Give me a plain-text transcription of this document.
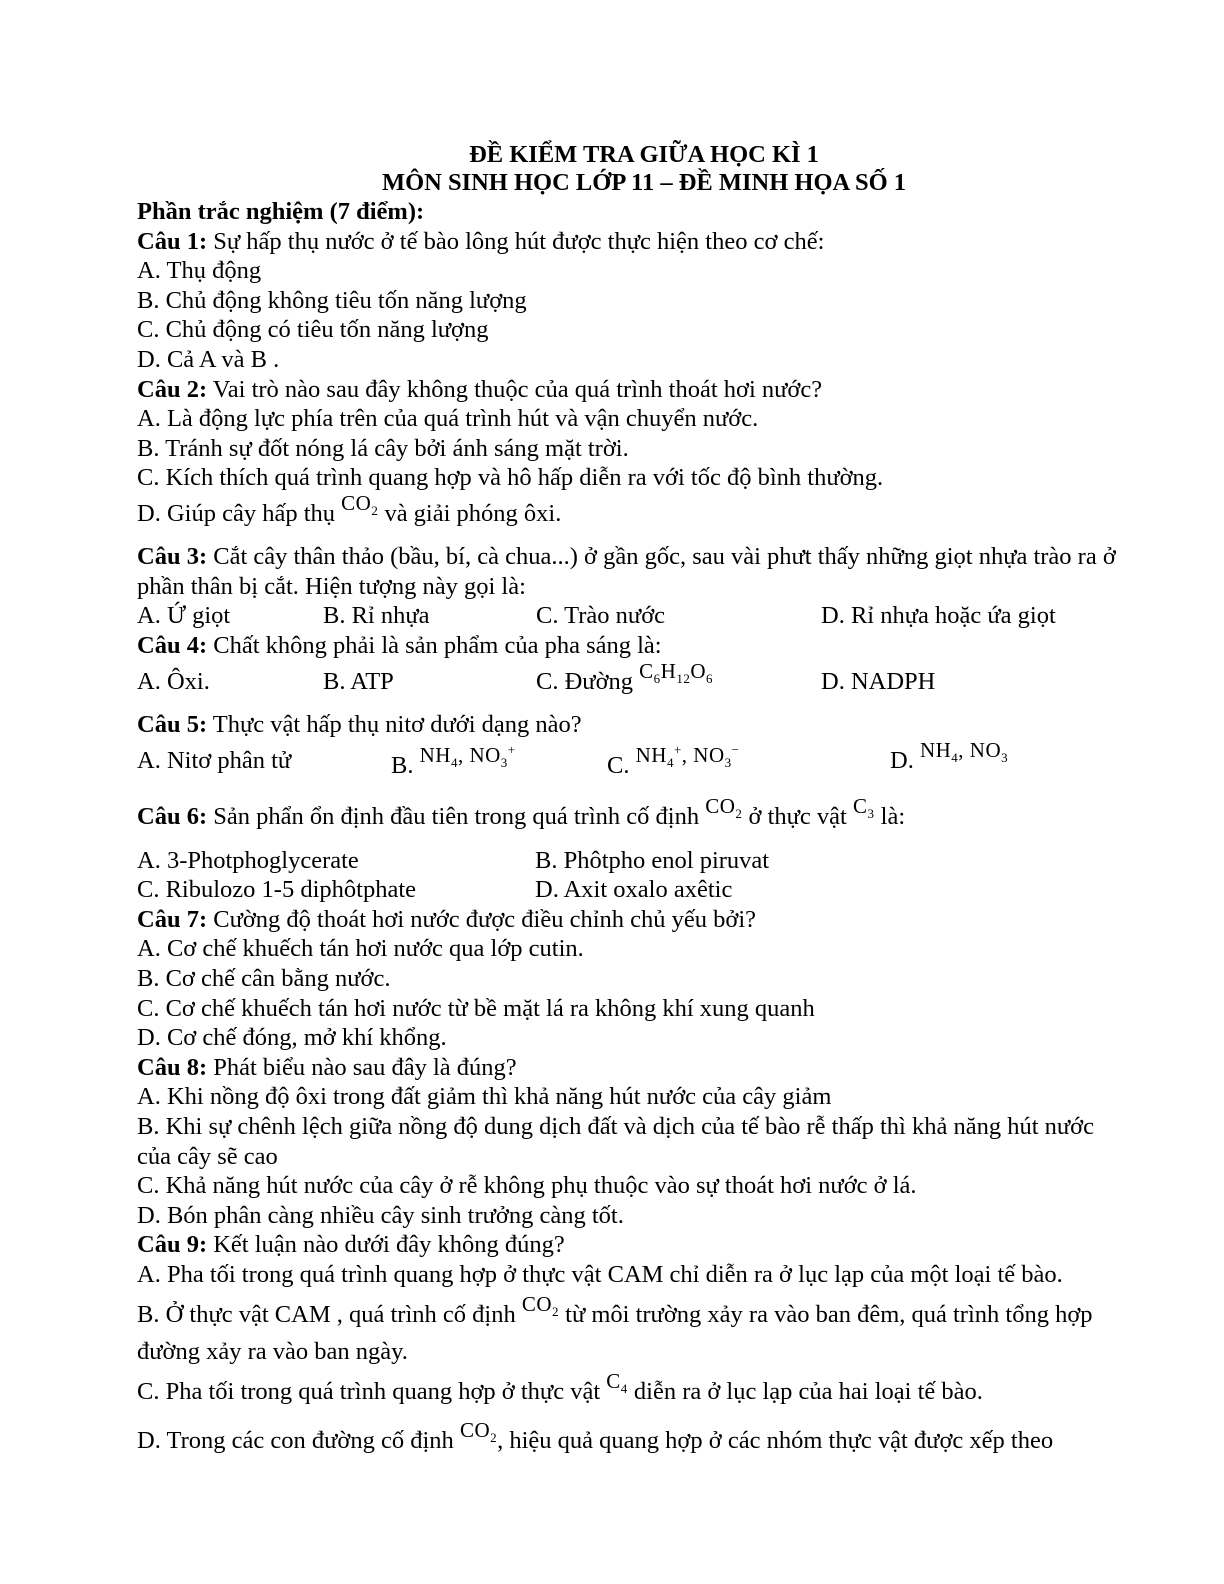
ĐỀ KIỂM TRA GIỮA HỌC KÌ 1
MÔN SINH HỌC LỚP 11 – ĐỀ MINH HỌA SỐ 1
Phần trắc nghiệm (7 điểm):
Câu 1: Sự hấp thụ nước ở tế bào lông hút được thực hiện theo cơ chế:
A. Thụ động
B. Chủ động không tiêu tốn năng lượng
C. Chủ động có tiêu tốn năng lượng
D. Cả A và B .
Câu 2: Vai trò nào sau đây không thuộc của quá trình thoát hơi nước?
A. Là động lực phía trên của quá trình hút và vận chuyển nước.
B. Tránh sự đốt nóng lá cây bởi ánh sáng mặt trời.
C. Kích thích quá trình quang hợp và hô hấp diễn ra với tốc độ bình thường.
D. Giúp cây hấp thụ $CO_2$ và giải phóng ôxi.
Câu 3: Cắt cây thân thảo (bầu, bí, cà chua...) ở gần gốc, sau vài phưt thấy những giọt nhựa trào ra ở phần thân bị cắt. Hiện tượng này gọi là:
A. Ứ giọt	B. Rỉ nhựa	C. Trào nước	D. Rỉ nhựa hoặc ứa giọt
Câu 4: Chất không phải là sản phẩm của pha sáng là:
A. Ôxi.	B. ATP	C. Đường $C_6H_{12}O_6$	D. NADPH
Câu 5: Thực vật hấp thụ nitơ dưới dạng nào?
A. Nitơ phân tử	B. $NH_4$, $NO_3^+$
C. $NH_4^+$, $NO_3^-$	D. $NH_4$, $NO_3$
Câu 6: Sản phẩn ổn định đầu tiên trong quá trình cố định $CO_2$ ở thực vật $C_3$ là:
A. 3-Photphoglycerate	B. Phôtpho enol piruvat
C. Ribulozo 1-5 diphôtphate	D. Axit oxalo axêtic
Câu 7: Cường độ thoát hơi nước được điều chỉnh chủ yếu bởi?
A. Cơ chế khuếch tán hơi nước qua lớp cutin.
B. Cơ chế cân bằng nước.
C. Cơ chế khuếch tán hơi nước từ bề mặt lá ra không khí xung quanh
D. Cơ chế đóng, mở khí khổng.
Câu 8: Phát biểu nào sau đây là đúng?
A. Khi nồng độ ôxi trong đất giảm thì khả năng hút nước của cây giảm
B. Khi sự chênh lệch giữa nồng độ dung dịch đất và dịch của tế bào rễ thấp thì khả năng hút nước của cây sẽ cao
C. Khả năng hút nước của cây ở rễ không phụ thuộc vào sự thoát hơi nước ở lá.
D. Bón phân càng nhiều cây sinh trưởng càng tốt.
Câu 9: Kết luận nào dưới đây không đúng?
A. Pha tối trong quá trình quang hợp ở thực vật CAM chỉ diễn ra ở lục lạp của một loại tế bào.
B. Ở thực vật CAM , quá trình cố định $CO_2$ từ môi trường xảy ra vào ban đêm, quá trình tổng hợp đường xảy ra vào ban ngày.
C. Pha tối trong quá trình quang hợp ở thực vật $C_4$ diễn ra ở lục lạp của hai loại tế bào.
D. Trong các con đường cố định $CO_2$, hiệu quả quang hợp ở các nhóm thực vật được xếp theo
